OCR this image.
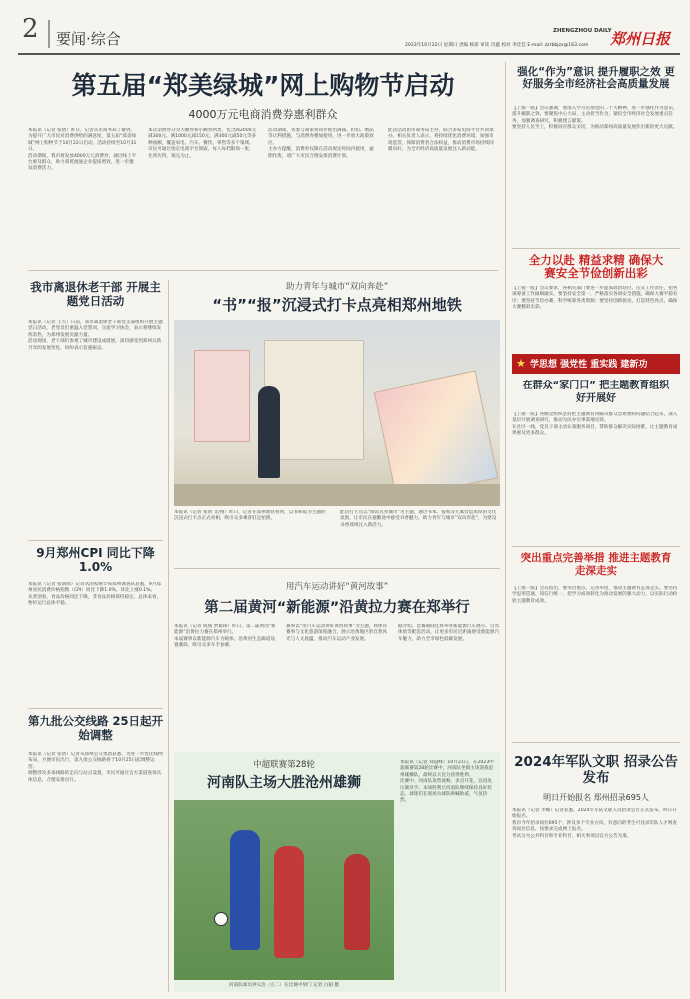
2	要闻·综合	ZHENGZHOU DAILY
郑州日报
2023年10月22日 星期日 责编 杨霏 审读 肖鑫 校对 李佳佳 E-mail: zzrbbjzx@163.com
第五届“郑美绿城”网上购物节启动
4000万元电商消费券惠利群众

本报讯（记者 张倩）昨日，记者从市商务局了解到，为提升广大市民对消费供给的满意度，第五届“郑美绿城”网上购物节于10月22日启动，活动持续至10月31日。
活动期间，我市将发放4000万元消费券，通过线上平台惠及群众，助力商贸流通企业提质增效，进一步激发消费活力。

本次消费券分为大额券和小额券两类，包含满2000元减300元、满1000元减150元、满300元减50元等多种面额，覆盖家电、汽车、餐饮、零售等多个领域。
市民可通过指定电商平台领取，每人每档限领一张，先到先得，领完为止。

活动期间，各参与商家将同步推出满减、折扣、赠品等让利措施，与消费券叠加使用，进一步放大政策效应。
主办方提醒，消费券仅限在活动规定时间内使用，逾期作废，请广大市民合理安排消费计划。

此次活动由市商务局主办，联合多家电商平台共同承办。相关负责人表示，将持续优化消费环境，加强市场监管，保障消费者合法权益，推动消费市场持续回暖向好，为全市经济高质量发展注入新动能。

强化“作为”意识 提升履职之效 更好服务全市经济社会高质量发展

【上接一版】会议强调，要深入学习贯彻党的二十大精神，进一步强化作为意识，提升履职之效。要聚焦中心大局，主动担当作为，紧扣全市经济社会发展重点任务，加强调查研究，积极建言献策。
要坚持人民至上，积极回应群众关切，为推动郑州高质量发展作出新的更大贡献。

全力以赴 精益求精 确保大赛安全节俭创新出彩

【上接一版】会议要求，各相关部门要进一步提高政治站位，压实工作责任，把各项筹备工作做细做实。要坚持安全第一，严格落实各项安全措施，确保大赛平稳有序；要坚持节俭办赛，科学统筹各类资源；要坚持创新驱动，打造特色亮点，确保大赛精彩出彩。

★ 学思想 强党性 重实践 建新功
在群众“家门口” 把主题教育组织好开展好

【上接一版】各级党组织坚持把主题教育同解决群众急难愁盼问题结合起来，深入基层开展调查研究，推动为民办实事落地见效。
在社区一线，党员干部主动认领服务项目，帮助群众解决实际困难，让主题教育成果惠及更多群众。

突出重点完善举措 推进主题教育走深走实

【上接一版】会议指出，要突出重点、完善举措，推动主题教育走深走实。要坚持学思用贯通、知信行统一，把学习成效转化为推动发展的强大动力，以实际行动检验主题教育成效。

2024年军队文职 招录公告发布
明日开始报名 郑州招录695人

本报讯（记者 李娜）记者获悉，2024年军队文职人员招录公告正式发布，明日开始报名。
我市今年招录岗位695个，涉及多个专业方向。有意向的考生可登录军队人才网查询岗位信息，按要求完成网上报名。
考试分为公共科目和专业科目，相关事项以官方公告为准。

我市离退休老干部 开展主题党日活动

本报讯（记者 王雪）日前，我市离退休老干部党支部组织开展主题党日活动，老党员们重温入党誓词，交流学习体会，表示将继续发挥余热，为郑州发展贡献力量。
活动现场，老干部们参观了城市建设成就展，深切感受到郑州日新月异的发展变化，纷纷表示倍感振奋。

9月郑州CPI 同比下降1.0%

本报讯（记者 张萌萌）记者从国家统计局郑州调查队获悉，9月郑州居民消费价格指数（CPI）同比下降1.0%，环比上涨0.1%。
从类别看，食品价格同比下降，非食品价格保持稳定。总体来看，物价运行总体平稳。

第九批公交线路 25日起开始调整

本报讯（记者 张倩）记者从郑州公交集团获悉，为进一步优化线网布局，方便市民出行，第九批公交线路将于10月25日起调整运营。
调整涉及多条线路的走向与站点设置，市民可通过官方渠道查询具体信息，合理安排出行。

助力青年与城市“双向奔赴”
“书”“报”沉浸式打卡点亮相郑州地铁

本报讯（记者 张倩 文/图）昨日，记者在郑州地铁看到，以书和报为主题的沉浸式打卡点正式亮相，吸引众多乘客驻足拍照。

此次打卡点以“阅读点亮城市”为主题，通过书本、报纸等元素营造浓厚的文化氛围，让市民在通勤途中感受书香魅力，助力青年与城市“双向奔赴”，为建设书香郑州注入新活力。

用汽车运动讲好“黄河故事”
第二届黄河“新能源”沿黄拉力赛在郑举行

本报讯（记者 成燕 贾韫锋）昨日，第二届黄河“新能源”沿黄拉力赛在郑州举行。
本届赛事以新能源汽车为载体，沿黄河生态廊道设置赛段，吸引众多车手参赛。

赛事以“用汽车运动讲好黄河故事”为主题，将体育赛事与文化旅游深度融合，展示沿黄地区的自然风光与人文底蕴，推动汽车运动产业发展。

据介绍，比赛期间还将举办新能源汽车展示、自驾体验等配套活动，让更多市民近距离感受新能源汽车魅力，助力全市绿色低碳发展。

中超联赛第28轮
河南队主场大胜沧州雄狮
河南队球员钟义浩（左二）在比赛中射门 记者 白韬 摄

本报讯（记者 刘超峰）10月21日，在2023中超联赛第28轮比赛中，河南队坐镇主场迎战沧州雄狮队，最终以大比分获得胜利。
比赛中，河南队攻势流畅，多点开花，以进攻压制对手。本场胜利让河南队继续保持良好状态，球迷们在现场为球队呐喊助威，气氛热烈。
